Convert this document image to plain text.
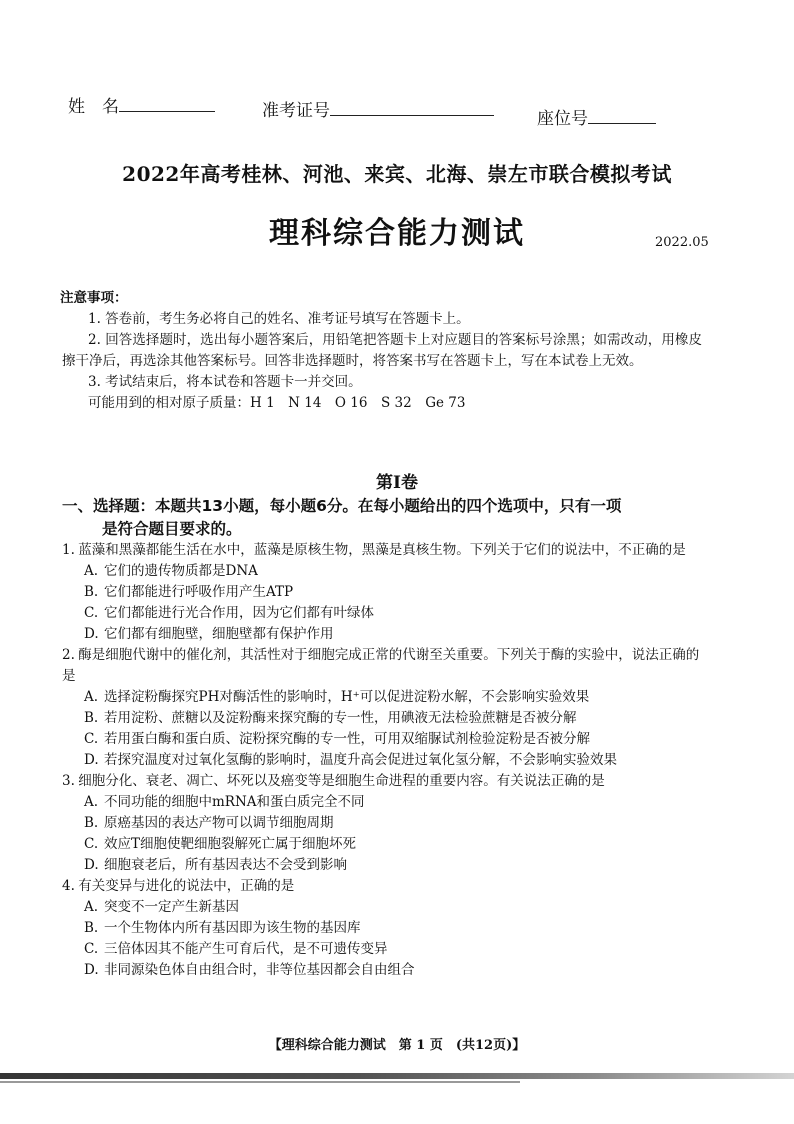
姓　名	准考证号	座位号
2022年高考桂林、河池、来宾、北海、崇左市联合模拟考试
理科综合能力测试	2022.05
注意事项：

1. 答卷前，考生务必将自己的姓名、准考证号填写在答题卡上。

2. 回答选择题时，选出每小题答案后，用铅笔把答题卡上对应题目的答案标号涂黑；如需改动，用橡皮擦干净后，再选涂其他答案标号。回答非选择题时，将答案书写在答题卡上，写在本试卷上无效。

3. 考试结束后，将本试卷和答题卡一并交回。

可能用到的相对原子质量：H 1　N 14　O 16　S 32　Ge 73
第Ⅰ卷
一、选择题：本题共13小题，每小题6分。在每小题给出的四个选项中，只有一项
是符合题目要求的。

1. 蓝藻和黑藻都能生活在水中，蓝藻是原核生物，黑藻是真核生物。下列关于它们的说法中，不正确的是

A. 它们的遗传物质都是DNA
B. 它们都能进行呼吸作用产生ATP
C. 它们都能进行光合作用，因为它们都有叶绿体
D. 它们都有细胞壁，细胞壁都有保护作用

2. 酶是细胞代谢中的催化剂，其活性对于细胞完成正常的代谢至关重要。下列关于酶的实验中，说法正确的是

A. 选择淀粉酶探究PH对酶活性的影响时，H⁺可以促进淀粉水解，不会影响实验效果
B. 若用淀粉、蔗糖以及淀粉酶来探究酶的专一性，用碘液无法检验蔗糖是否被分解
C. 若用蛋白酶和蛋白质、淀粉探究酶的专一性，可用双缩脲试剂检验淀粉是否被分解
D. 若探究温度对过氧化氢酶的影响时，温度升高会促进过氧化氢分解，不会影响实验效果

3. 细胞分化、衰老、凋亡、坏死以及癌变等是细胞生命进程的重要内容。有关说法正确的是

A. 不同功能的细胞中mRNA和蛋白质完全不同
B. 原癌基因的表达产物可以调节细胞周期
C. 效应T细胞使靶细胞裂解死亡属于细胞坏死
D. 细胞衰老后，所有基因表达不会受到影响

4. 有关变异与进化的说法中，正确的是

A. 突变不一定产生新基因
B. 一个生物体内所有基因即为该生物的基因库
C. 三倍体因其不能产生可育后代，是不可遗传变异
D. 非同源染色体自由组合时，非等位基因都会自由组合
【理科综合能力测试　第 1 页　(共12页)】
